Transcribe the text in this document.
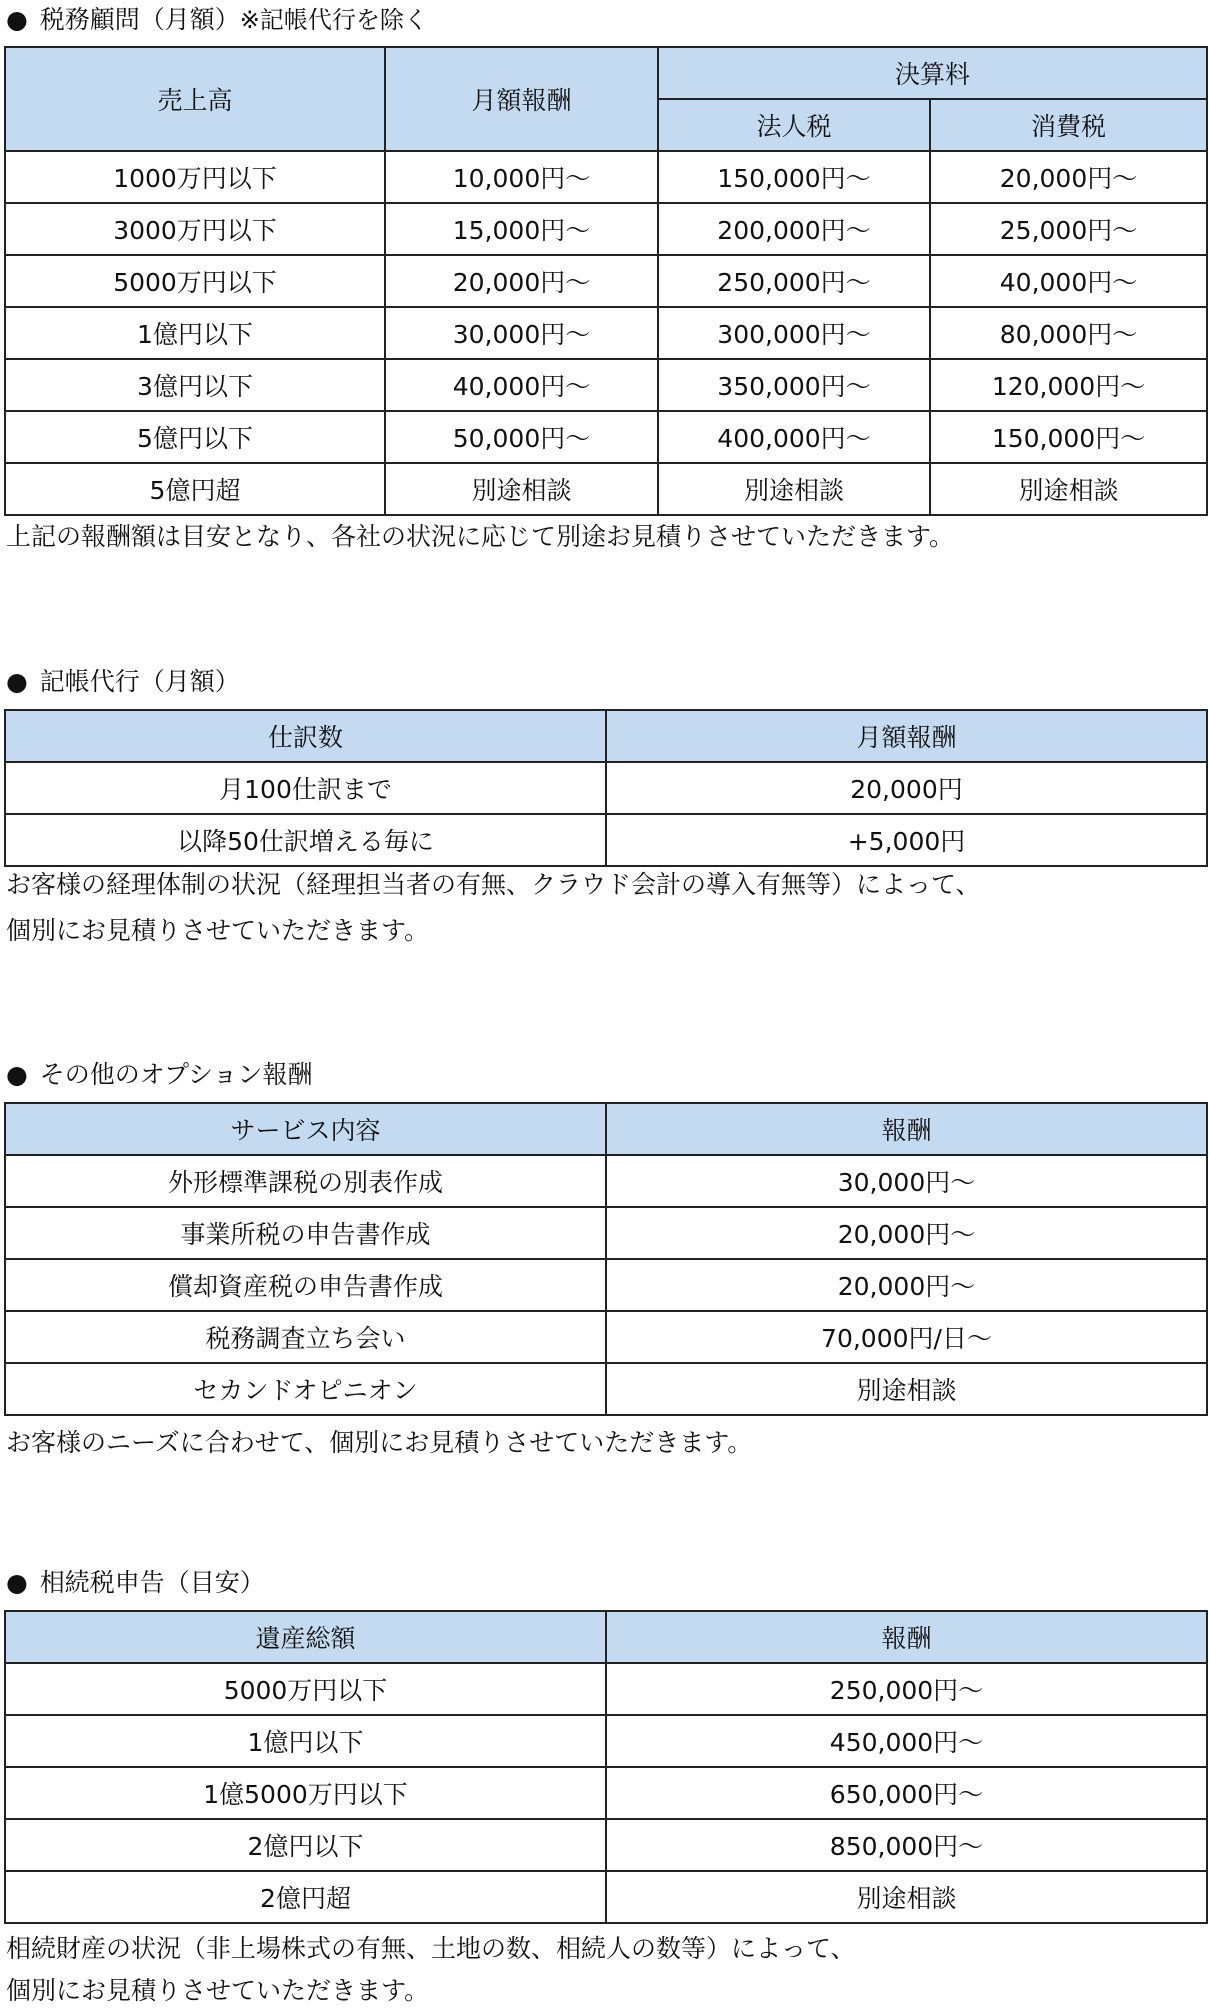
● 税務顧問（月額）※記帳代行を除く
売上高	月額報酬	決算料	
		法人税	消費税
1000万円以下	10,000円〜	150,000円〜	20,000円〜
3000万円以下	15,000円〜	200,000円〜	25,000円〜
5000万円以下	20,000円〜	250,000円〜	40,000円〜
1億円以下	30,000円〜	300,000円〜	80,000円〜
3億円以下	40,000円〜	350,000円〜	120,000円〜
5億円以下	50,000円〜	400,000円〜	150,000円〜
5億円超	別途相談	別途相談	別途相談
上記の報酬額は目安となり、各社の状況に応じて別途お見積りさせていただきます。
● 記帳代行（月額）
仕訳数	月額報酬
月100仕訳まで	20,000円
以降50仕訳増える毎に	+5,000円
お客様の経理体制の状況（経理担当者の有無、クラウド会計の導入有無等）によって、
個別にお見積りさせていただきます。
● その他のオプション報酬
サービス内容	報酬
外形標準課税の別表作成	30,000円〜
事業所税の申告書作成	20,000円〜
償却資産税の申告書作成	20,000円〜
税務調査立ち会い	70,000円/日〜
セカンドオピニオン	別途相談
お客様のニーズに合わせて、個別にお見積りさせていただきます。
● 相続税申告（目安）
遺産総額	報酬
5000万円以下	250,000円〜
1億円以下	450,000円〜
1億5000万円以下	650,000円〜
2億円以下	850,000円〜
2億円超	別途相談
相続財産の状況（非上場株式の有無、土地の数、相続人の数等）によって、
個別にお見積りさせていただきます。
